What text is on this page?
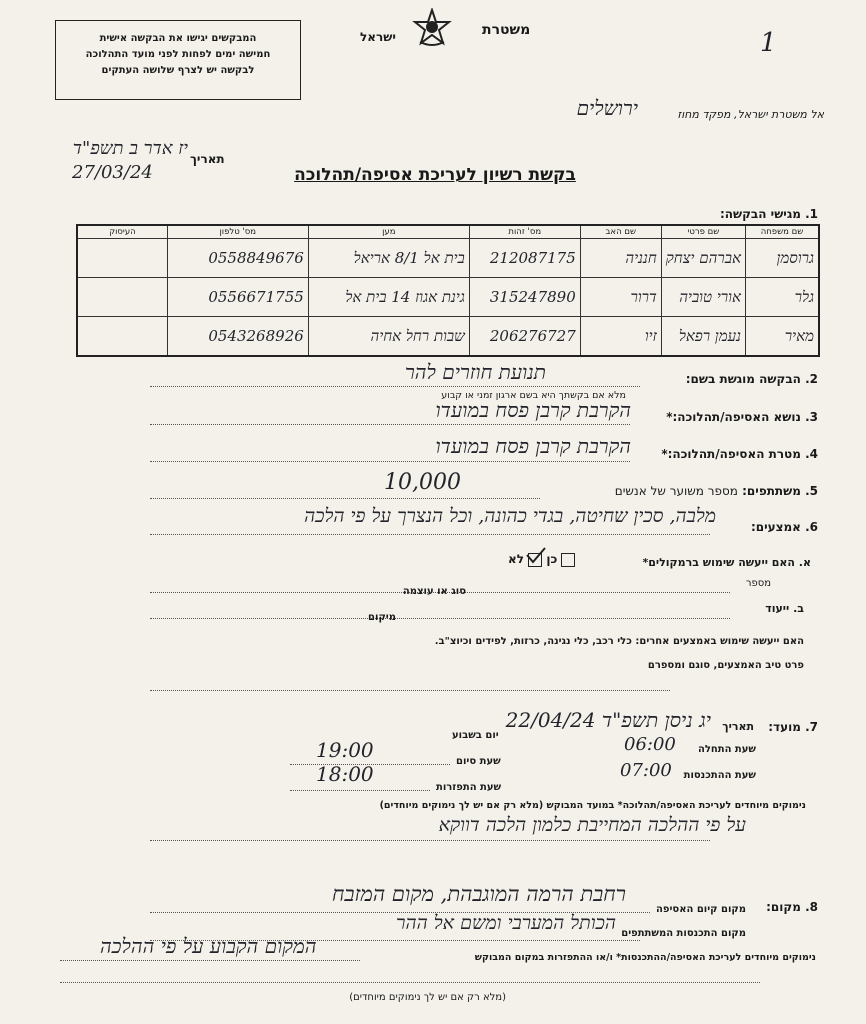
1
משטרת
ישראל
המבקשים יגישו את הבקשה אישית
חמישה ימים לפחות לפני מועד התהלוכה
לבקשה יש לצרף שלושה העתקים
אל משטרת ישראל, מפקד מחוז
ירושלים
תאריך
יז אדר ב תשפ"ד
27/03/24	בקשת רשיון לעריכת אסיפה/תהלוכה
1. מגישי הבקשה:
שם משפחה	שם פרטי	שם האב	מס' זהות	מען	מס' טלפון	העיסוק
גרוסמן	אברהם יצחק	חנניה	212087175	בית אל 8/1 אריאל	0558849676	
גלר	אורי טוביה	דרור	315247890	גינת אגוז 14 בית אל	0556671755	
מאיר	נעמן רפאל	זיו	206276727	שבות רחל אחיה	0543268926	
2. הבקשה מוגשת בשם:
תנועת חוזרים להר
מלא אם בקשתך היא בשם ארגון זמני או קבוע
3. נושא האסיפה/תהלוכה:*
הקרבת קרבן פסח במועדו
4. מטרת האסיפה/תהלוכה:*
הקרבת קרבן פסח במועדו
5. משתתפים: מספר משוער של אנשים
10,000
6. אמצעים:
מלבה, סכין שחיטה, בגדי כהונה, וכל הנצרך על פי הלכה
א. האם ייעשה שימוש ברמקולים*
כן
לא
מספר
סוג או עוצמה
ב. ייעוד
מיקום
האם ייעשה שימוש באמצעים אחרים: כלי רכב, כלי נגינה, כרזות, לפידים וכיוצ"ב.
פרט טיב האמצעים, סוגם ומספרם
7. מועד:
תאריך
יג ניסן תשפ"ד 22/04/24
יום בשבוע
שעת התחלה
06:00
שעת סיום
19:00
שעת ההתכנסות
07:00
שעת התפזרות
18:00
נימוקים מיוחדים לעריכת האסיפה/תהלוכה* במועד המבוקש (מלא רק אם יש לך נימוקים מיוחדים)
על פי ההלכה המחייבת כלמון הלכה דווקא
8. מקום:
מקום קיום האסיפה
רחבת הרמה המוגבהת, מקום המזבח
מקום התכנסות המשתתפים
הכותל המערבי ומשם אל ההר
נימוקים מיוחדים לעריכת האסיפה/ההתכנסות* ו/או ההתפזרות במקום המבוקש
המקום הקבוע על פי ההלכה
(מלא רק אם יש לך נימוקים מיוחדים)
